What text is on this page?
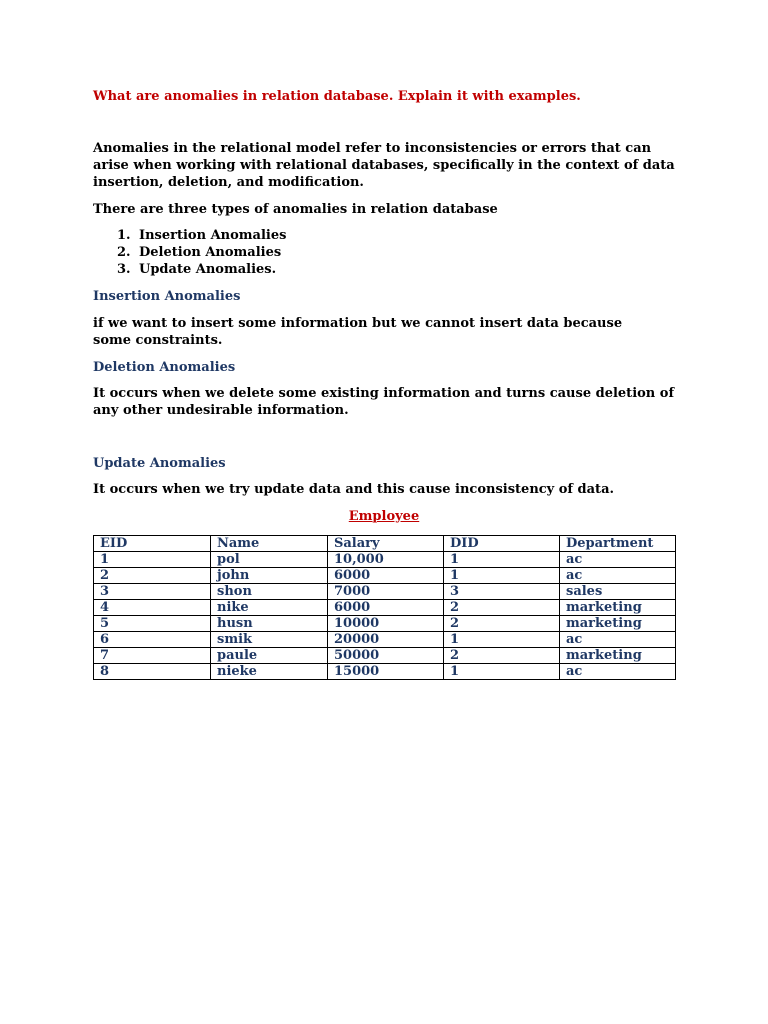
What are anomalies in relation database. Explain it with examples.

Anomalies in the relational model refer to inconsistencies or errors that can arise when working with relational databases, specifically in the context of data insertion, deletion, and modification.

There are three types of anomalies in relation database

1. Insertion Anomalies
2. Deletion Anomalies
3. Update Anomalies.

Insertion Anomalies

if we want to insert some information but we cannot insert data because some constraints.

Deletion Anomalies

It occurs when we delete some existing information and turns cause deletion of any other undesirable information.

Update Anomalies

It occurs when we try update data and this cause inconsistency of data.

Employee
EID	Name	Salary	DID	Department
1	pol	10,000	1	ac
2	john	6000	1	ac
3	shon	7000	3	sales
4	nike	6000	2	marketing
5	husn	10000	2	marketing
6	smik	20000	1	ac
7	paule	50000	2	marketing
8	nieke	15000	1	ac
